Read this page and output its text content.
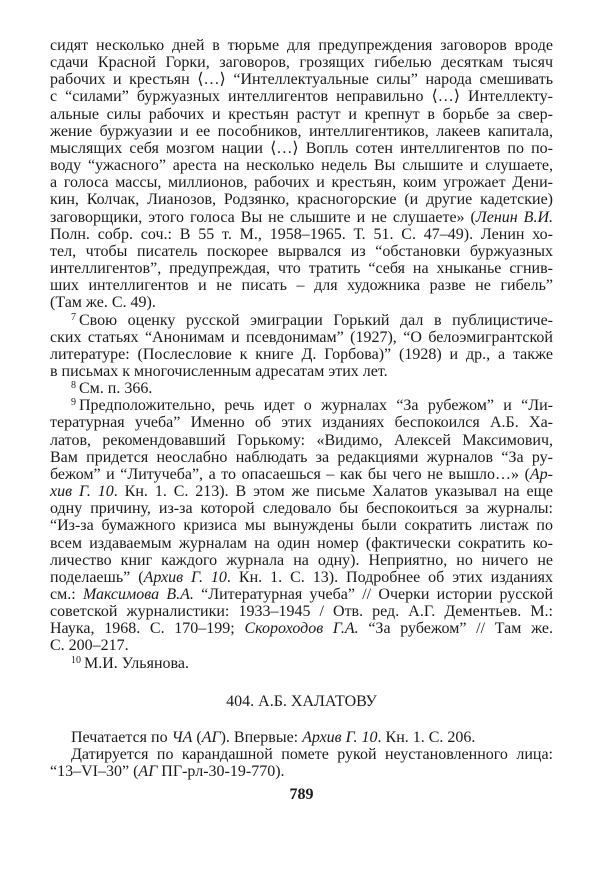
сидят несколько дней в тюрьме для предупреждения заговоров вроде
сдачи Красной Горки, заговоров, грозящих гибелью десяткам тысяч
рабочих и крестьян ⟨…⟩ “Интеллектуальные силы” народа смешивать
с “силами” буржуазных интеллигентов неправильно ⟨…⟩ Интеллекту-
альные силы рабочих и крестьян растут и крепнут в борьбе за свер-
жение буржуазии и ее пособников, интеллигентиков, лакеев капитала,
мыслящих себя мозгом нации ⟨…⟩ Вопль сотен интеллигентов по по-
воду “ужасного” ареста на несколько недель Вы слышите и слушаете,
а голоса массы, миллионов, рабочих и крестьян, коим угрожает Дени-
кин, Колчак, Лианозов, Родзянко, красногорские (и другие кадетские)
заговорщики, этого голоса Вы не слышите и не слушаете» (Ленин В.И.
Полн. собр. соч.: В 55 т. М., 1958–1965. Т. 51. С. 47–49). Ленин хо-
тел, чтобы писатель поскорее вырвался из “обстановки буржуазных
интеллигентов”, предупреждая, что тратить “себя на хныканье сгнив-
ших интеллигентов и не писать – для художника разве не гибель”
(Там же. С. 49).
$^7$ Свою оценку русской эмиграции Горький дал в публицистиче-
ских статьях “Анонимам и псевдонимам” (1927), “О белоэмигрантской
литературе: (Послесловие к книге Д. Горбова)” (1928) и др., а также
в письмах к многочисленным адресатам этих лет.
$^8$ См. п. 366.
$^9$ Предположительно, речь идет о журналах “За рубежом” и “Ли-
тературная учеба” Именно об этих изданиях беспокоился А.Б. Ха-
латов, рекомендовавший Горькому: «Видимо, Алексей Максимович,
Вам придется неослабно наблюдать за редакциями журналов “За ру-
бежом” и “Литучеба”, а то опасаешься – как бы чего не вышло…» (Ар-
хив Г. 10. Кн. 1. С. 213). В этом же письме Халатов указывал на еще
одну причину, из-за которой следовало бы беспокоиться за журналы:
“Из-за бумажного кризиса мы вынуждены были сократить листаж по
всем издаваемым журналам на один номер (фактически сократить ко-
личество книг каждого журнала на одну). Неприятно, но ничего не
поделаешь” (Архив Г. 10. Кн. 1. С. 13). Подробнее об этих изданиях
см.: Максимова В.А. “Литературная учеба” // Очерки истории русской
советской журналистики: 1933–1945 / Отв. ред. А.Г. Дементьев. М.:
Наука, 1968. С. 170–199; Скороходов Г.А. “За рубежом” // Там же.
С. 200–217.
$^{10}$ М.И. Ульянова.
404. А.Б. ХАЛАТОВУ
Печатается по ЧА (АГ). Впервые: Архив Г. 10. Кн. 1. С. 206.
Датируется по карандашной помете рукой неустановленного лица:
“13–VI–30” (АГ ПГ-рл-30-19-770).
789
